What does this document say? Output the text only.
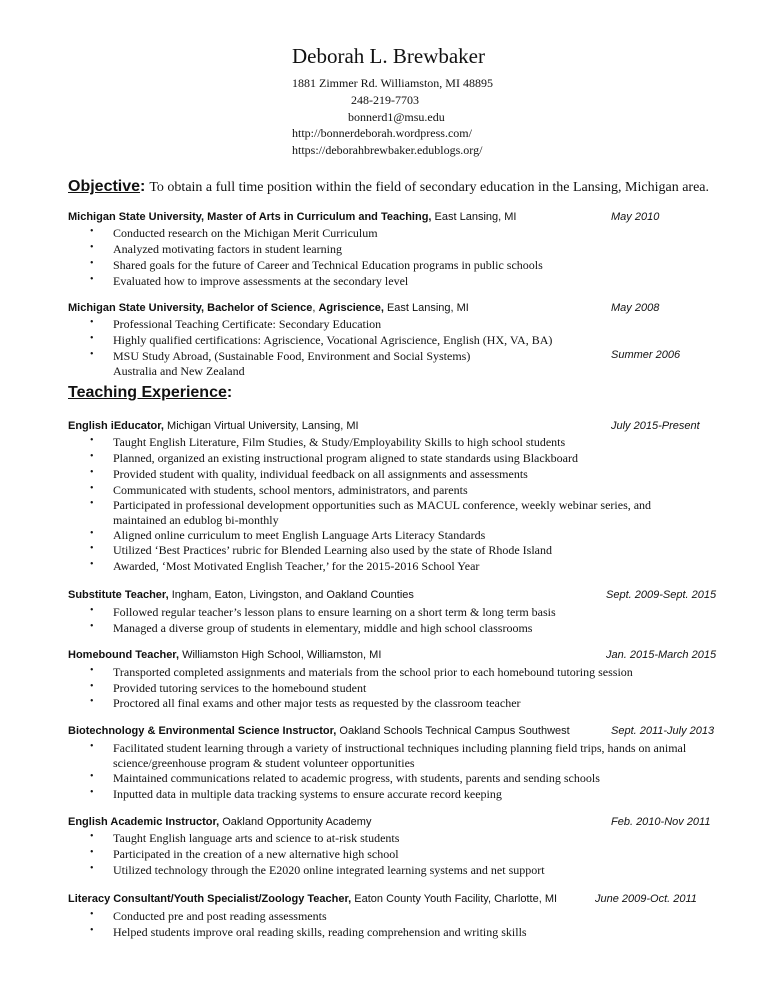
Deborah L. Brewbaker
1881 Zimmer Rd. Williamston, MI 48895
248-219-7703
bonnerd1@msu.edu
http://bonnerdeborah.wordpress.com/
https://deborahbrewbaker.edublogs.org/
Objective: To obtain a full time position within the field of secondary education in the Lansing, Michigan area.
Michigan State University, Master of Arts in Curriculum and Teaching, East Lansing, MI	May 2010
• Conducted research on the Michigan Merit Curriculum
• Analyzed motivating factors in student learning
• Shared goals for the future of Career and Technical Education programs in public schools
• Evaluated how to improve assessments at the secondary level
Michigan State University, Bachelor of Science, Agriscience, East Lansing, MI	May 2008
• Professional Teaching Certificate: Secondary Education
• Highly qualified certifications: Agriscience, Vocational Agriscience, English (HX, VA, BA)
• MSU Study Abroad, (Sustainable Food, Environment and Social Systems)	Summer 2006
Australia and New Zealand
Teaching Experience:
English iEducator, Michigan Virtual University, Lansing, MI	July 2015-Present
• Taught English Literature, Film Studies, & Study/Employability Skills to high school students
• Planned, organized an existing instructional program aligned to state standards using Blackboard
• Provided student with quality, individual feedback on all assignments and assessments
• Communicated with students, school mentors, administrators, and parents
• Participated in professional development opportunities such as MACUL conference, weekly webinar series, and
maintained an edublog bi-monthly
• Aligned online curriculum to meet English Language Arts Literacy Standards
• Utilized ‘Best Practices’ rubric for Blended Learning also used by the state of Rhode Island
• Awarded, ‘Most Motivated English Teacher,’ for the 2015-2016 School Year
Substitute Teacher, Ingham, Eaton, Livingston, and Oakland Counties	Sept. 2009-Sept. 2015
• Followed regular teacher’s lesson plans to ensure learning on a short term & long term basis
• Managed a diverse group of students in elementary, middle and high school classrooms
Homebound Teacher, Williamston High School, Williamston, MI	Jan. 2015-March 2015
• Transported completed assignments and materials from the school prior to each homebound tutoring session
• Provided tutoring services to the homebound student
• Proctored all final exams and other major tests as requested by the classroom teacher
Biotechnology & Environmental Science Instructor, Oakland Schools Technical Campus Southwest	Sept. 2011-July 2013
• Facilitated student learning through a variety of instructional techniques including planning field trips, hands on animal
science/greenhouse program & student volunteer opportunities
• Maintained communications related to academic progress, with students, parents and sending schools
• Inputted data in multiple data tracking systems to ensure accurate record keeping
English Academic Instructor, Oakland Opportunity Academy	Feb. 2010-Nov 2011
• Taught English language arts and science to at-risk students
• Participated in the creation of a new alternative high school
• Utilized technology through the E2020 online integrated learning systems and net support
Literacy Consultant/Youth Specialist/Zoology Teacher, Eaton County Youth Facility, Charlotte, MI	June 2009-Oct. 2011
• Conducted pre and post reading assessments
• Helped students improve oral reading skills, reading comprehension and writing skills
